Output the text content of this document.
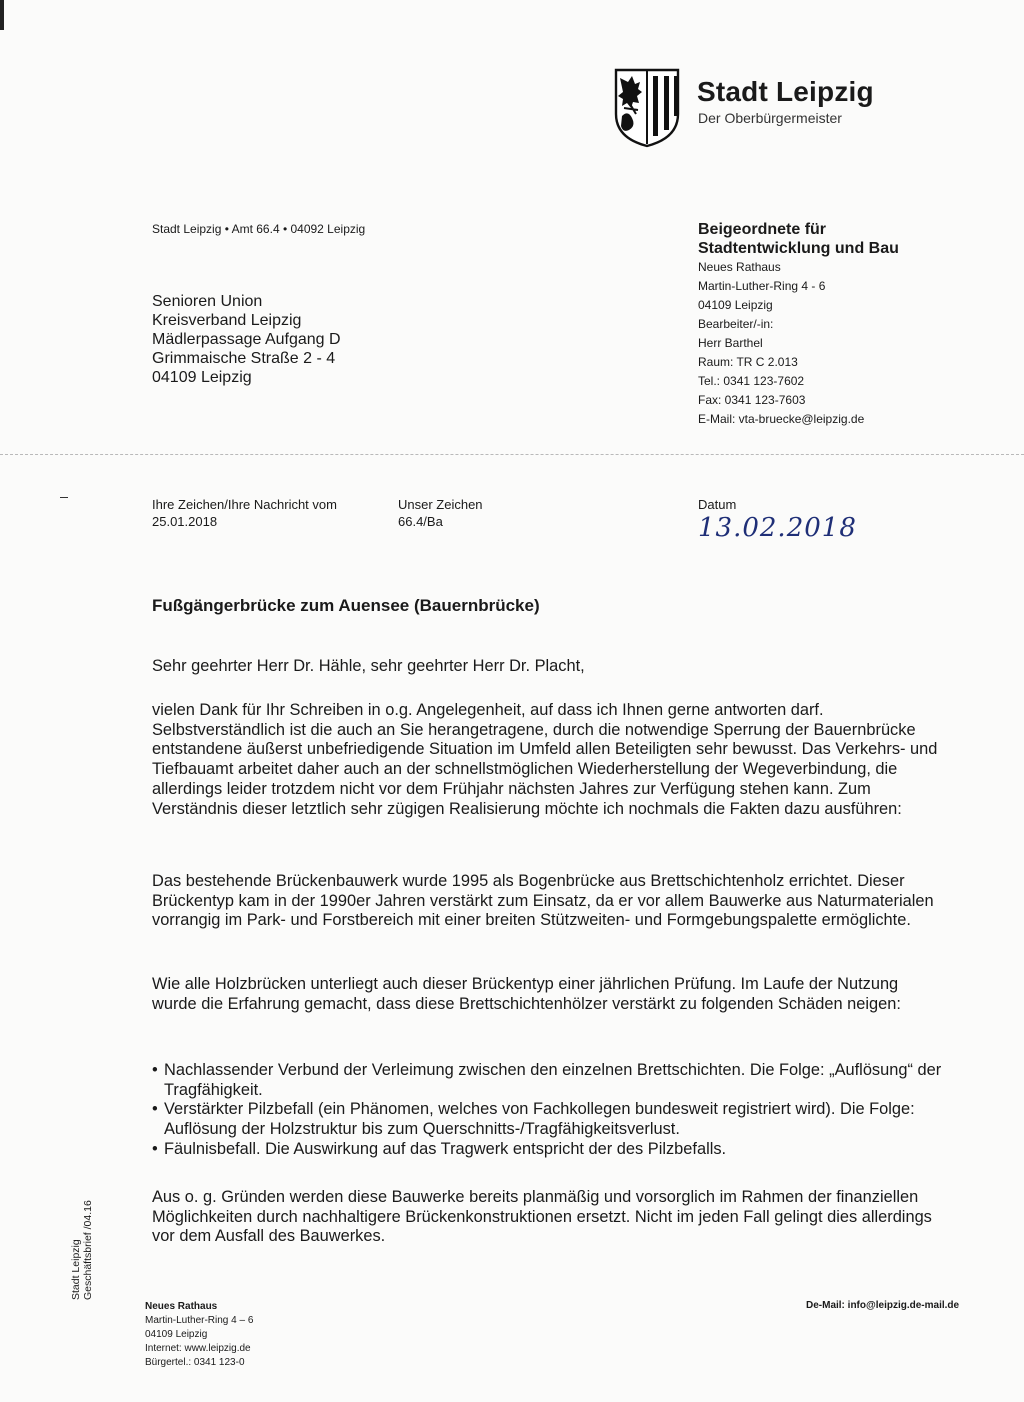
Stadt Leipzig
Der Oberbürgermeister
Stadt Leipzig • Amt 66.4 • 04092 Leipzig
Senioren Union
Kreisverband Leipzig
Mädlerpassage Aufgang D
Grimmaische Straße 2 - 4
04109 Leipzig
Beigeordnete für
Stadtentwicklung und Bau
Neues Rathaus
Martin-Luther-Ring 4 - 6
04109 Leipzig
Bearbeiter/-in:
Herr Barthel
Raum: TR C 2.013
Tel.: 0341 123-7602
Fax: 0341 123-7603
E-Mail: vta-bruecke@leipzig.de
Ihre Zeichen/Ihre Nachricht vom
25.01.2018
Unser Zeichen
66.4/Ba
Datum
13.02.2018
Fußgängerbrücke zum Auensee (Bauernbrücke)
Sehr geehrter Herr Dr. Hähle, sehr geehrter Herr Dr. Placht,

vielen Dank für Ihr Schreiben in o.g. Angelegenheit, auf dass ich Ihnen gerne antworten darf. Selbstverständlich ist die auch an Sie herangetragene, durch die notwendige Sperrung der Bauernbrücke entstandene äußerst unbefriedigende Situation im Umfeld allen Beteiligten sehr bewusst. Das Verkehrs- und Tiefbauamt arbeitet daher auch an der schnellstmöglichen Wiederherstellung der Wegeverbindung, die allerdings leider trotzdem nicht vor dem Frühjahr nächsten Jahres zur Verfügung stehen kann. Zum Verständnis dieser letztlich sehr zügigen Realisierung möchte ich nochmals die Fakten dazu ausführen:

Das bestehende Brückenbauwerk wurde 1995 als Bogenbrücke aus Brettschichtenholz errichtet. Dieser Brückentyp kam in der 1990er Jahren verstärkt zum Einsatz, da er vor allem Bauwerke aus Naturmaterialen vorrangig im Park- und Forstbereich mit einer breiten Stützweiten- und Formgebungspalette ermöglichte.

Wie alle Holzbrücken unterliegt auch dieser Brückentyp einer jährlichen Prüfung. Im Laufe der Nutzung wurde die Erfahrung gemacht, dass diese Brettschichtenhölzer verstärkt zu folgenden Schäden neigen:

• Nachlassender Verbund der Verleimung zwischen den einzelnen Brettschichten. Die Folge: „Auflösung“ der Tragfähigkeit.
• Verstärkter Pilzbefall (ein Phänomen, welches von Fachkollegen bundesweit registriert wird). Die Folge: Auflösung der Holzstruktur bis zum Querschnitts-/Tragfähigkeitsverlust.
• Fäulnisbefall. Die Auswirkung auf das Tragwerk entspricht der des Pilzbefalls.

Aus o. g. Gründen werden diese Bauwerke bereits planmäßig und vorsorglich im Rahmen der finanziellen Möglichkeiten durch nachhaltigere Brückenkonstruktionen ersetzt. Nicht im jeden Fall gelingt dies allerdings vor dem Ausfall des Bauwerkes.

Stadt Leipzig Geschäftsbrief /04.16
Neues Rathaus
Martin-Luther-Ring 4 – 6
04109 Leipzig
Internet: www.leipzig.de
Bürgertel.: 0341 123-0
De-Mail: info@leipzig.de-mail.de
